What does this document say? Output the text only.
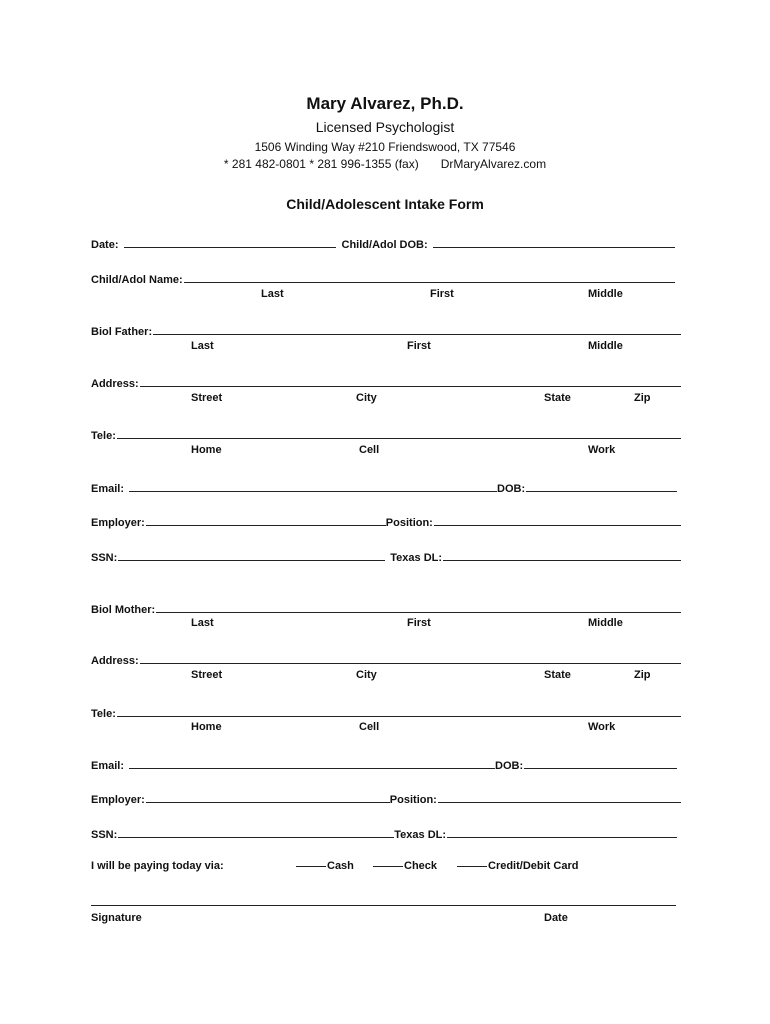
Mary Alvarez, Ph.D.
Licensed Psychologist
1506 Winding Way #210 Friendswood, TX 77546
* 281 482-0801 * 281 996-1355 (fax) DrMaryAlvarez.com
Child/Adolescent Intake Form
Date:	Child/Adol DOB:
Child/Adol Name:
Last	First	Middle
Biol Father:
Last	First	Middle
Address:
Street	City	State	Zip
Tele:
Home	Cell	Work
Email:	DOB:
Employer:	Position:
SSN:	Texas DL:
Biol Mother:
Last	First	Middle
Address:
Street	City	State	Zip
Tele:
Home	Cell	Work
Email:	DOB:
Employer:	Position:
SSN:	Texas DL:
I will be paying today via:	Cash	Check	Credit/Debit Card
Signature	Date
